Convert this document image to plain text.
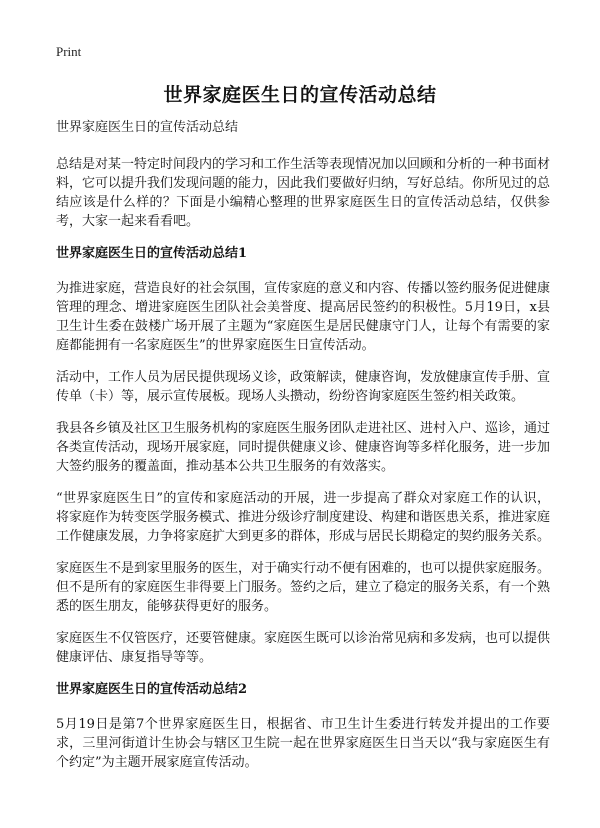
Print
世界家庭医生日的宣传活动总结

世界家庭医生日的宣传活动总结

总结是对某一特定时间段内的学习和工作生活等表现情况加以回顾和分析的一种书面材料，它可以提升我们发现问题的能力，因此我们要做好归纳，写好总结。你所见过的总结应该是什么样的？下面是小编精心整理的世界家庭医生日的宣传活动总结，仅供参考，大家一起来看看吧。

世界家庭医生日的宣传活动总结1

为推进家庭，营造良好的社会氛围，宣传家庭的意义和内容、传播以签约服务促进健康管理的理念、增进家庭医生团队社会美誉度、提高居民签约的积极性。5月19日，x县卫生计生委在鼓楼广场开展了主题为“家庭医生是居民健康守门人，让每个有需要的家庭都能拥有一名家庭医生”的世界家庭医生日宣传活动。

活动中，工作人员为居民提供现场义诊，政策解读，健康咨询，发放健康宣传手册、宣传单（卡）等，展示宣传展板。现场人头攒动，纷纷咨询家庭医生签约相关政策。

我县各乡镇及社区卫生服务机构的家庭医生服务团队走进社区、进村入户、巡诊，通过各类宣传活动，现场开展家庭，同时提供健康义诊、健康咨询等多样化服务，进一步加大签约服务的覆盖面，推动基本公共卫生服务的有效落实。

“世界家庭医生日”的宣传和家庭活动的开展，进一步提高了群众对家庭工作的认识，将家庭作为转变医学服务模式、推进分级诊疗制度建设、构建和谐医患关系，推进家庭工作健康发展，力争将家庭扩大到更多的群体，形成与居民长期稳定的契约服务关系。

家庭医生不是到家里服务的医生，对于确实行动不便有困难的，也可以提供家庭服务。但不是所有的家庭医生非得要上门服务。签约之后，建立了稳定的服务关系，有一个熟悉的医生朋友，能够获得更好的服务。

家庭医生不仅管医疗，还要管健康。家庭医生既可以诊治常见病和多发病，也可以提供健康评估、康复指导等等。

世界家庭医生日的宣传活动总结2

5月19日是第7个世界家庭医生日，根据省、市卫生计生委进行转发并提出的工作要求，三里河街道计生协会与辖区卫生院一起在世界家庭医生日当天以“我与家庭医生有个约定”为主题开展家庭宣传活动。
